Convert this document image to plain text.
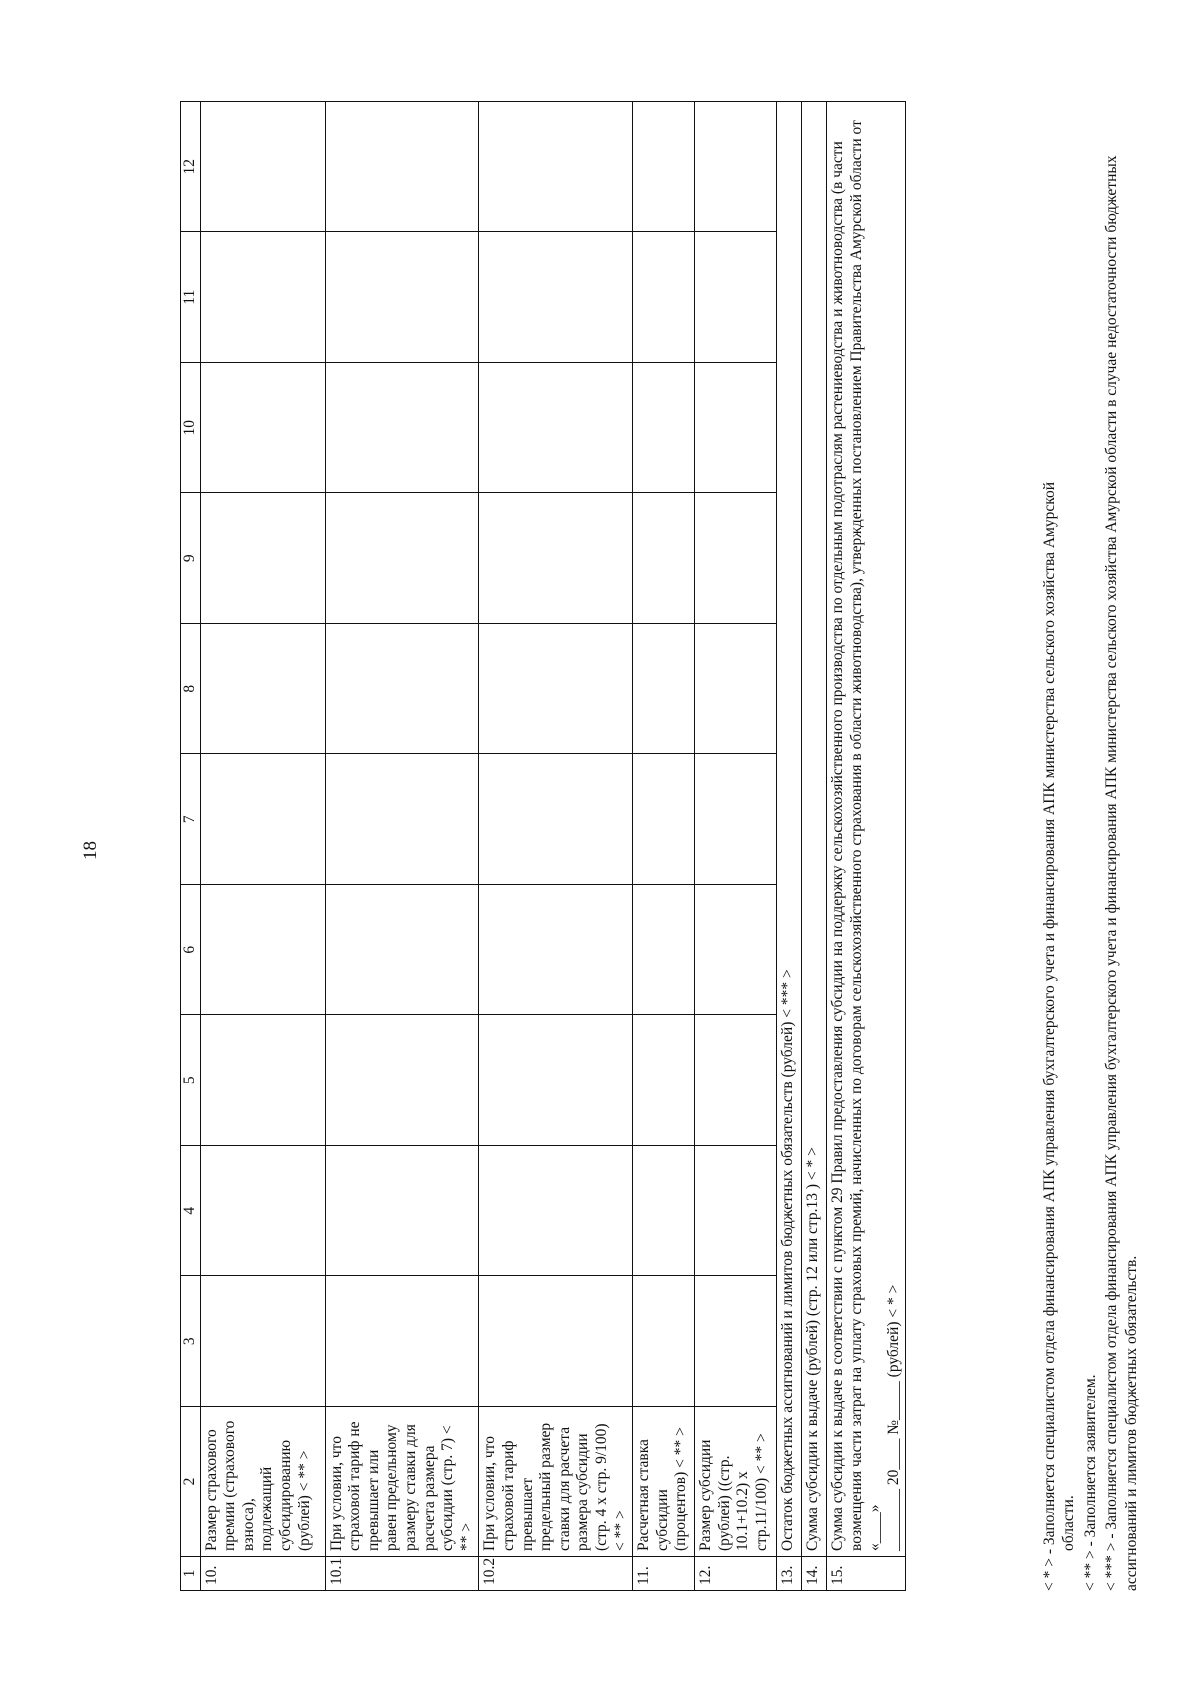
18
1	2	3	4	5	6	7	8	9	10	11	12
10.	Размер страхового премии (страхового взноса), подлежащий субсидированию (рублей) < ** >										
10.1	При условии, что страховой тариф не превышает или равен предельному размеру ставки для расчета размера субсидии (стр. 7) < ** >										
10.2	При условии, что страховой тариф превышает предельный размер ставки для расчета размера субсидии (стр. 4 х стр. 9/100) < ** >										
11.	Расчетная ставка субсидии (процентов) < ** >										
12.	Размер субсидии (рублей) ((стр. 10.1+10.2) х стр.11/100) < ** >										
13.	Остаток бюджетных ассигнований и лимитов бюджетных обязательств (рублей) < *** >										
14.	Сумма субсидии к выдаче (рублей) (стр. 12 или стр.13 ) < * >										
15.	Сумма субсидии к выдаче в соответствии с пунктом 29 Правил предоставления субсидии на поддержку сельскохозяйственного производства по отдельным подотраслям растениеводства и животноводства (в части возмещения части затрат на уплату страховых премий, начисленных по договорам сельскохозяйственного страхования в области животноводства), утвержденных постановлением Правительства Амурской области от «____»
________ 20____ №_____ (рублей) < * >										
< * > - Заполняется специалистом отдела финансирования АПК управления бухгалтерского учета и финансирования АПК министерства сельского хозяйства Амурской области.
< ** > - Заполняется заявителем.
< *** > - Заполняется специалистом отдела финансирования АПК управления бухгалтерского учета и финансирования АПК министерства сельского хозяйства Амурской области в случае недостаточности бюджетных ассигнований и лимитов бюджетных обязательств.
